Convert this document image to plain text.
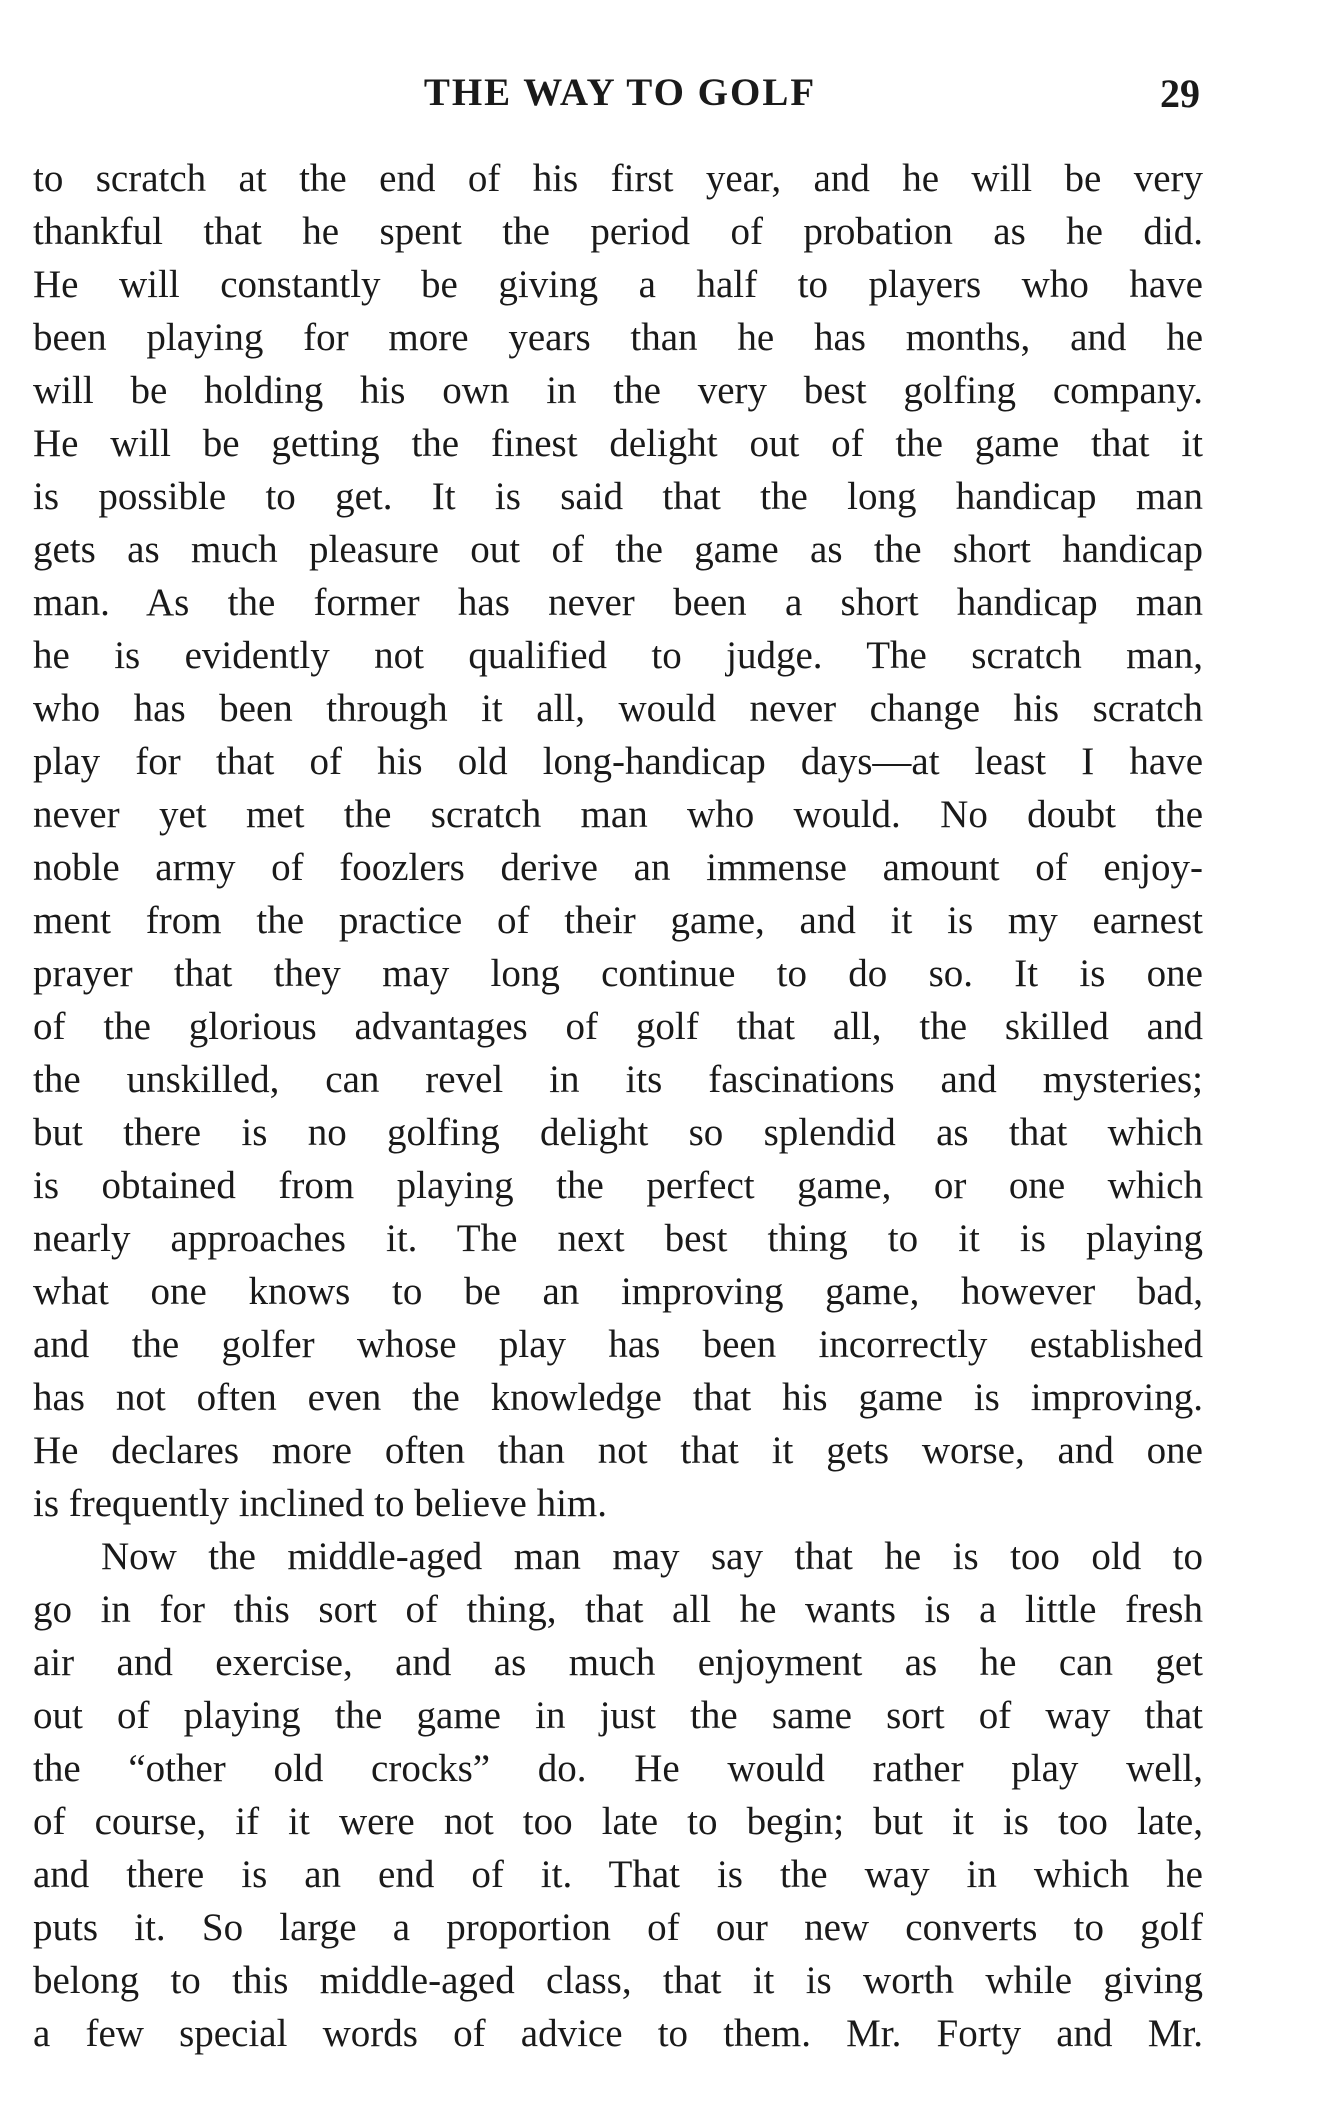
THE WAY TO GOLF	29
to scratch at the end of his first year, and he will be very
thankful that he spent the period of probation as he did.
He will constantly be giving a half to players who have
been playing for more years than he has months, and he
will be holding his own in the very best golfing company.
He will be getting the finest delight out of the game that it
is possible to get. It is said that the long handicap man
gets as much pleasure out of the game as the short handicap
man. As the former has never been a short handicap man
he is evidently not qualified to judge. The scratch man,
who has been through it all, would never change his scratch
play for that of his old long-handicap days—at least I have
never yet met the scratch man who would. No doubt the
noble army of foozlers derive an immense amount of enjoy-
ment from the practice of their game, and it is my earnest
prayer that they may long continue to do so. It is one
of the glorious advantages of golf that all, the skilled and
the unskilled, can revel in its fascinations and mysteries;
but there is no golfing delight so splendid as that which
is obtained from playing the perfect game, or one which
nearly approaches it. The next best thing to it is playing
what one knows to be an improving game, however bad,
and the golfer whose play has been incorrectly established
has not often even the knowledge that his game is improving.
He declares more often than not that it gets worse, and one
is frequently inclined to believe him.
Now the middle-aged man may say that he is too old to
go in for this sort of thing, that all he wants is a little fresh
air and exercise, and as much enjoyment as he can get
out of playing the game in just the same sort of way that
the “other old crocks” do. He would rather play well,
of course, if it were not too late to begin; but it is too late,
and there is an end of it. That is the way in which he
puts it. So large a proportion of our new converts to golf
belong to this middle-aged class, that it is worth while giving
a few special words of advice to them. Mr. Forty and Mr.
